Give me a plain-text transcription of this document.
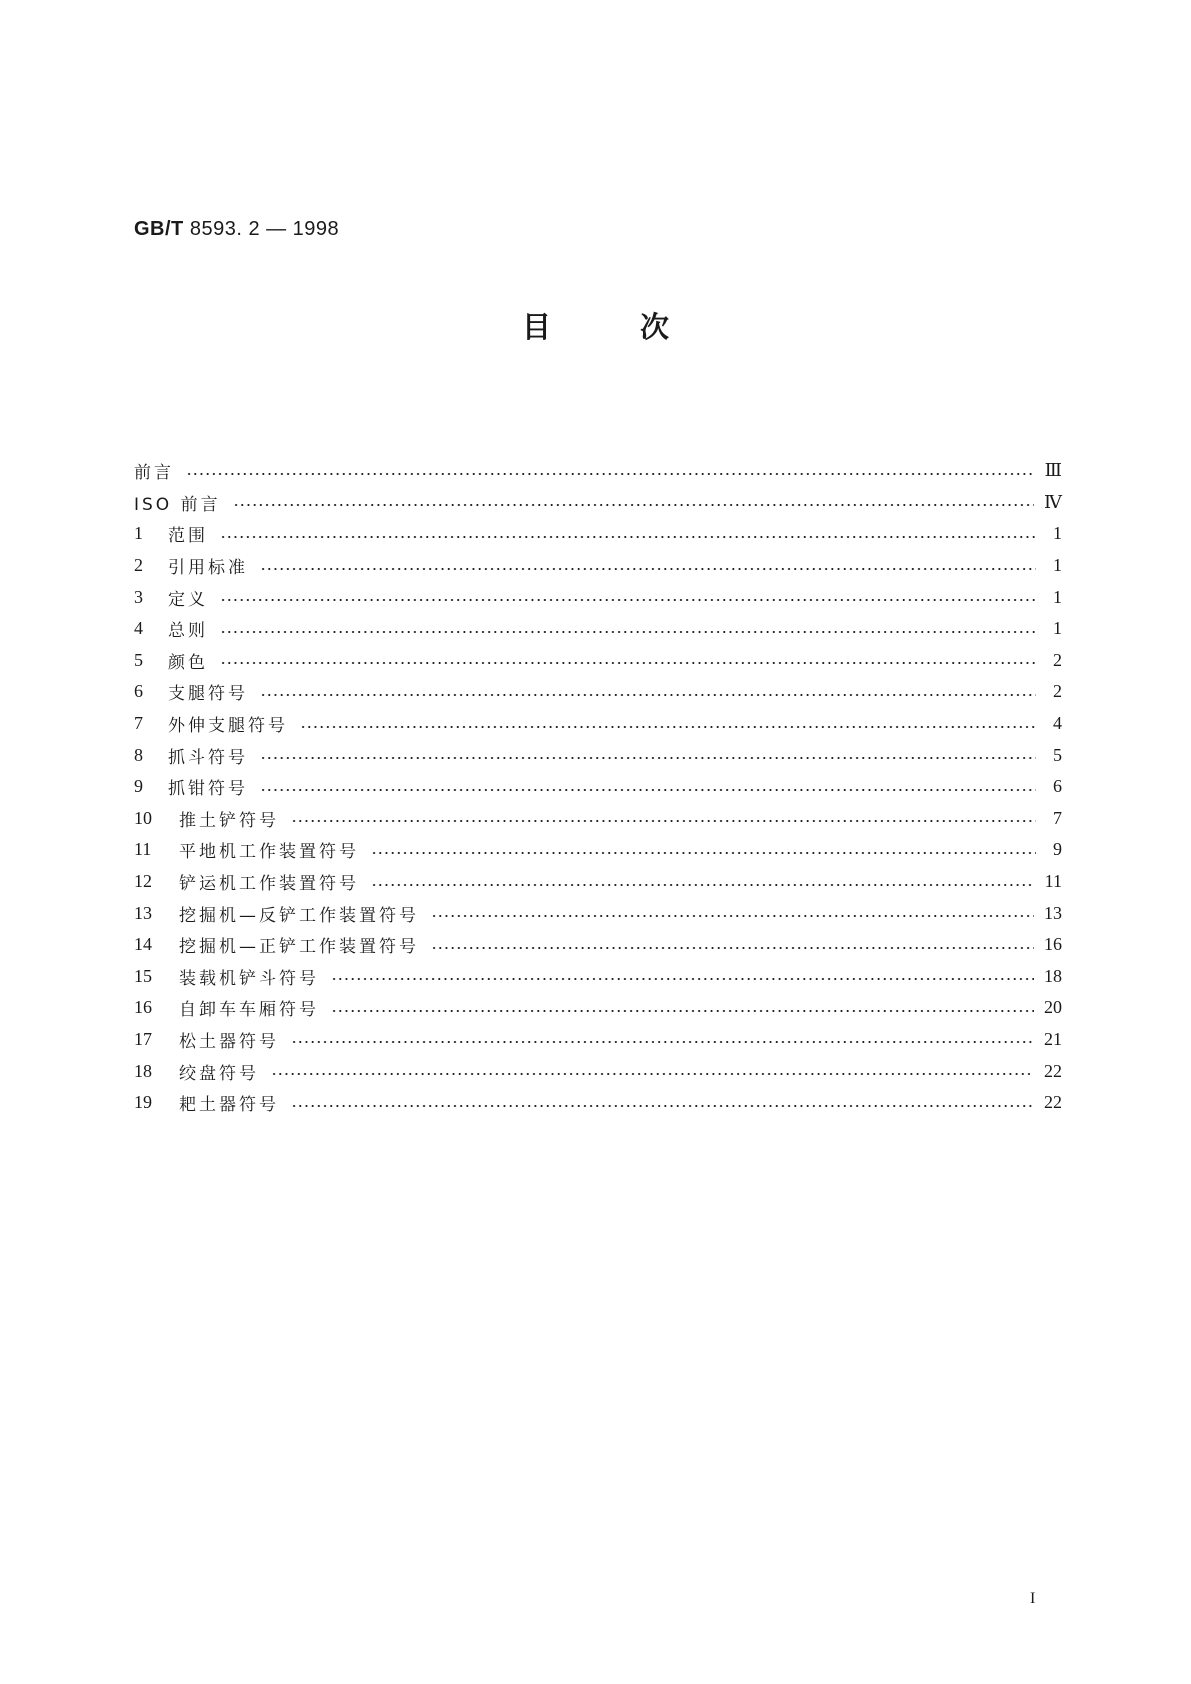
GB/T 8593. 2 — 1998
目	次
前言	Ⅲ
ISO 前言	Ⅳ
1	范围	1
2	引用标准	1
3	定义	1
4	总则	1
5	颜色	2
6	支腿符号	2
7	外伸支腿符号	4
8	抓斗符号	5
9	抓钳符号	6
10	推土铲符号	7
11	平地机工作装置符号	9
12	铲运机工作装置符号	11
13	挖掘机—反铲工作装置符号	13
14	挖掘机—正铲工作装置符号	16
15	装载机铲斗符号	18
16	自卸车车厢符号	20
17	松土器符号	21
18	绞盘符号	22
19	耙土器符号	22
I
